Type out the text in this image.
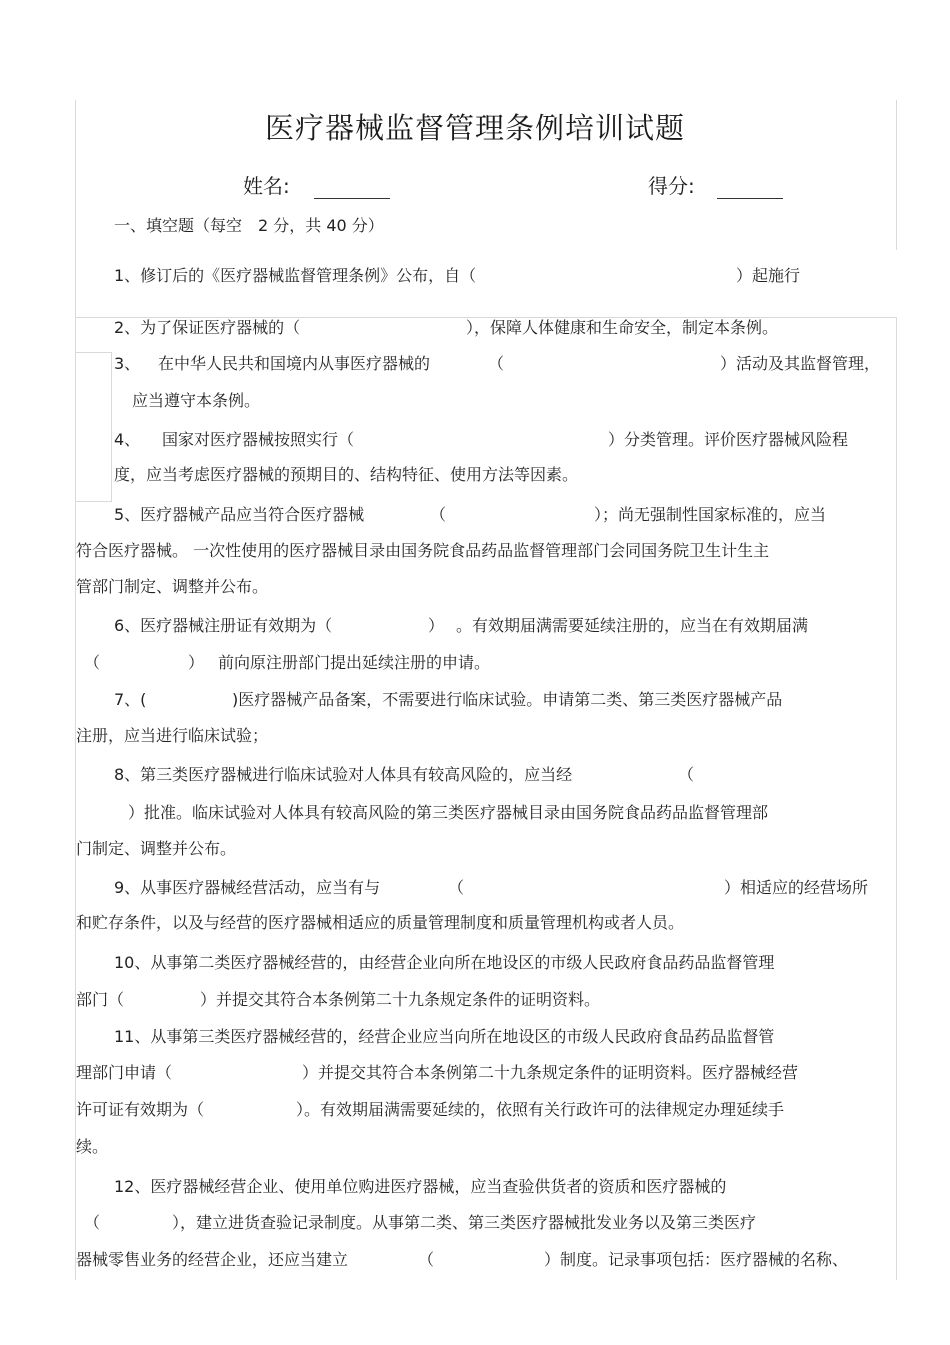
医疗器械监督管理条例培训试题
姓名:	得分:
一、填空题（每空　2 分，共 40 分）
1、修订后的《医疗器械监督管理条例》公布，自（	）起施行
2、为了保证医疗器械的（	），保障人体健康和生命安全，制定本条例。
3、 在中华人民共和国境内从事医疗器械的	（	）活动及其监督管理，
应当遵守本条例。
4、 国家对医疗器械按照实行（	）分类管理。评价医疗器械风险程
度，应当考虑医疗器械的预期目的、结构特征、使用方法等因素。
5、医疗器械产品应当符合医疗器械	（	）；尚无强制性国家标准的，应当
符合医疗器械。 一次性使用的医疗器械目录由国务院食品药品监督管理部门会同国务院卫生计生主
管部门制定、调整并公布。
6、医疗器械注册证有效期为（	） 。有效期届满需要延续注册的，应当在有效期届满
（	） 前向原注册部门提出延续注册的申请。
7、(	)医疗器械产品备案，不需要进行临床试验。申请第二类、第三类医疗器械产品
注册，应当进行临床试验；
8、第三类医疗器械进行临床试验对人体具有较高风险的，应当经	（
）批准。临床试验对人体具有较高风险的第三类医疗器械目录由国务院食品药品监督管理部
门制定、调整并公布。
9、从事医疗器械经营活动，应当有与	（	）相适应的经营场所
和贮存条件，以及与经营的医疗器械相适应的质量管理制度和质量管理机构或者人员。
10、从事第二类医疗器械经营的，由经营企业向所在地设区的市级人民政府食品药品监督管理
部门（	）并提交其符合本条例第二十九条规定条件的证明资料。
11、从事第三类医疗器械经营的，经营企业应当向所在地设区的市级人民政府食品药品监督管
理部门申请（	）并提交其符合本条例第二十九条规定条件的证明资料。医疗器械经营
许可证有效期为（	）。有效期届满需要延续的，依照有关行政许可的法律规定办理延续手
续。
12、医疗器械经营企业、使用单位购进医疗器械，应当查验供货者的资质和医疗器械的
（	），建立进货查验记录制度。从事第二类、第三类医疗器械批发业务以及第三类医疗
器械零售业务的经营企业，还应当建立	（	）制度。记录事项包括：医疗器械的名称、
